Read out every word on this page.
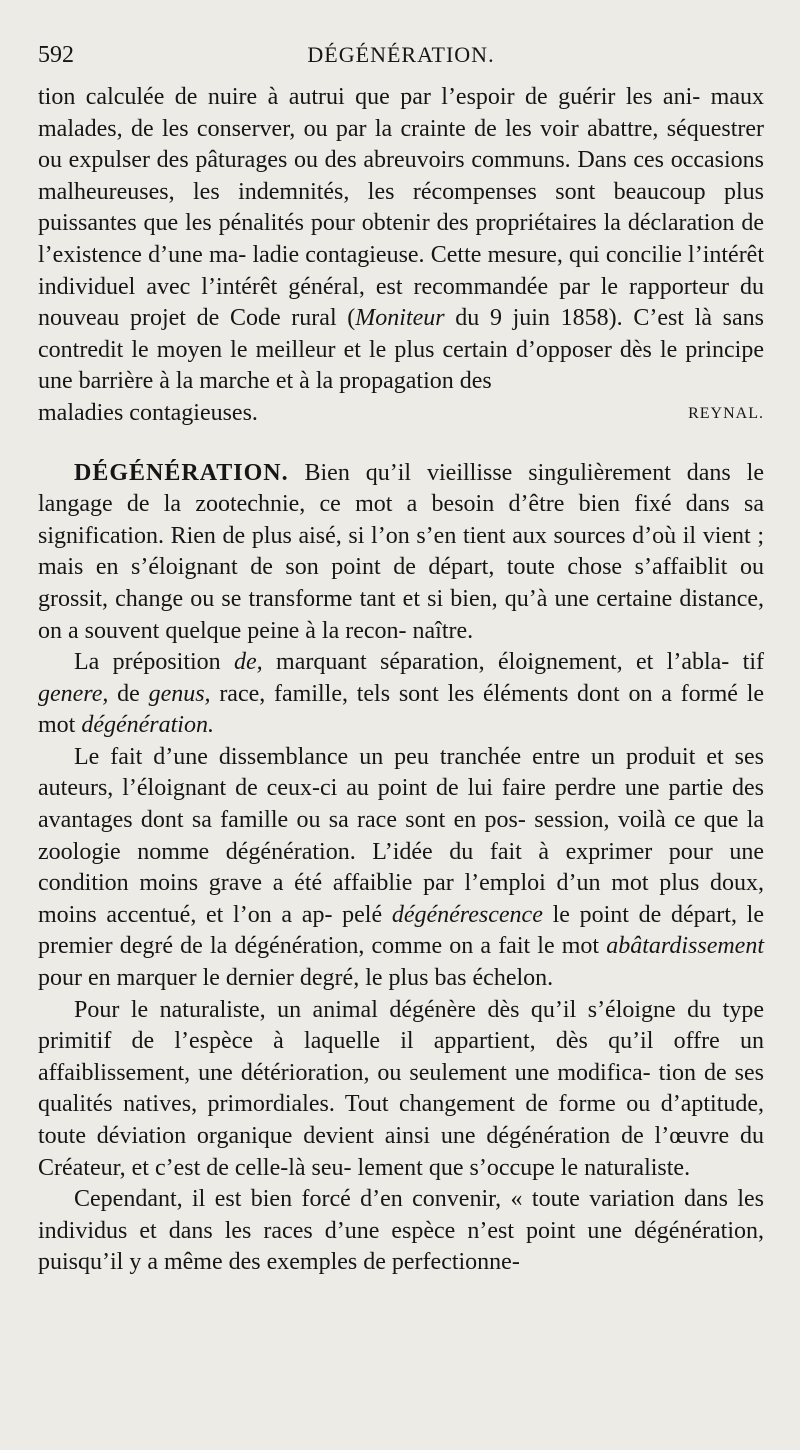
592	DÉGÉNÉRATION.

tion calculée de nuire à autrui que par l’espoir de guérir les ani- maux malades, de les conserver, ou par la crainte de les voir abattre, séquestrer ou expulser des pâturages ou des abreuvoirs communs. Dans ces occasions malheureuses, les indemnités, les récompenses sont beaucoup plus puissantes que les pénalités pour obtenir des propriétaires la déclaration de l’existence d’une ma- ladie contagieuse. Cette mesure, qui concilie l’intérêt individuel avec l’intérêt général, est recommandée par le rapporteur du nouveau projet de Code rural (Moniteur du 9 juin 1858). C’est là sans contredit le moyen le meilleur et le plus certain d’opposer dès le principe une barrière à la marche et à la propagation des

maladies contagieuses.	REYNAL.

DÉGÉNÉRATION. Bien qu’il vieillisse singulièrement dans le langage de la zootechnie, ce mot a besoin d’être bien fixé dans sa signification. Rien de plus aisé, si l’on s’en tient aux sources d’où il vient ; mais en s’éloignant de son point de départ, toute chose s’affaiblit ou grossit, change ou se transforme tant et si bien, qu’à une certaine distance, on a souvent quelque peine à la recon- naître.

La préposition de, marquant séparation, éloignement, et l’abla- tif genere, de genus, race, famille, tels sont les éléments dont on a formé le mot dégénération.

Le fait d’une dissemblance un peu tranchée entre un produit et ses auteurs, l’éloignant de ceux-ci au point de lui faire perdre une partie des avantages dont sa famille ou sa race sont en pos- session, voilà ce que la zoologie nomme dégénération. L’idée du fait à exprimer pour une condition moins grave a été affaiblie par l’emploi d’un mot plus doux, moins accentué, et l’on a ap- pelé dégénérescence le point de départ, le premier degré de la dégénération, comme on a fait le mot abâtardissement pour en marquer le dernier degré, le plus bas échelon.

Pour le naturaliste, un animal dégénère dès qu’il s’éloigne du type primitif de l’espèce à laquelle il appartient, dès qu’il offre un affaiblissement, une détérioration, ou seulement une modifica- tion de ses qualités natives, primordiales. Tout changement de forme ou d’aptitude, toute déviation organique devient ainsi une dégénération de l’œuvre du Créateur, et c’est de celle-là seu- lement que s’occupe le naturaliste.

Cependant, il est bien forcé d’en convenir, « toute variation dans les individus et dans les races d’une espèce n’est point une dégénération, puisqu’il y a même des exemples de perfectionne-
